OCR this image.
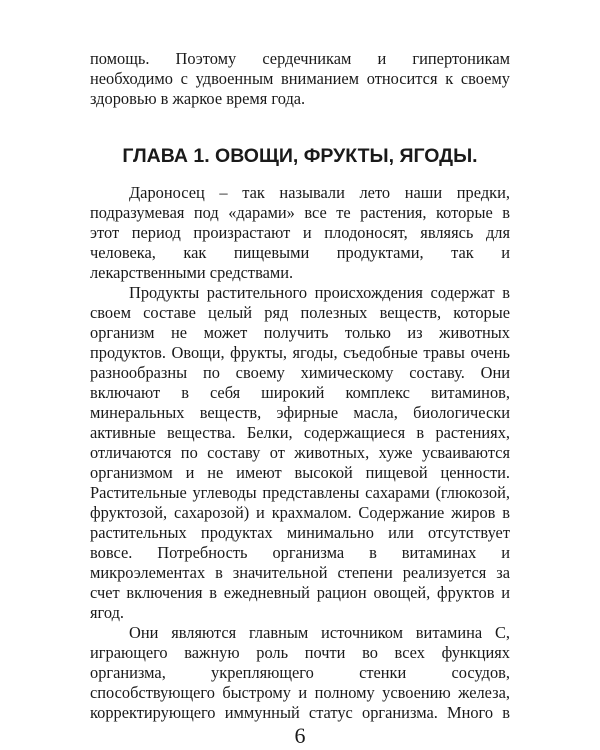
помощь. Поэтому сердечникам и гипертоникам
необходимо с удвоенным вниманием относится к своему
здоровью в жаркое время года.
ГЛАВА 1. ОВОЩИ, ФРУКТЫ, ЯГОДЫ.
Дароносец – так называли лето наши предки,
подразумевая под «дарами» все те растения, которые в
этот период произрастают и плодоносят, являясь для
человека, как пищевыми продуктами, так и
лекарственными средствами.
Продукты растительного происхождения содержат в
своем составе целый ряд полезных веществ, которые
организм не может получить только из животных
продуктов. Овощи, фрукты, ягоды, съедобные травы очень
разнообразны по своему химическому составу. Они
включают в себя широкий комплекс витаминов,
минеральных веществ, эфирные масла, биологически
активные вещества. Белки, содержащиеся в растениях,
отличаются по составу от животных, хуже усваиваются
организмом и не имеют высокой пищевой ценности.
Растительные углеводы представлены сахарами (глюкозой,
фруктозой, сахарозой) и крахмалом. Содержание жиров в
растительных продуктах минимально или отсутствует
вовсе. Потребность организма в витаминах и
микроэлементах в значительной степени реализуется за
счет включения в ежедневный рацион овощей, фруктов и
ягод.
Они являются главным источником витамина С,
играющего важную роль почти во всех функциях
организма, укрепляющего стенки сосудов,
способствующего быстрому и полному усвоению железа,
корректирующего иммунный статус организма. Много в
6
